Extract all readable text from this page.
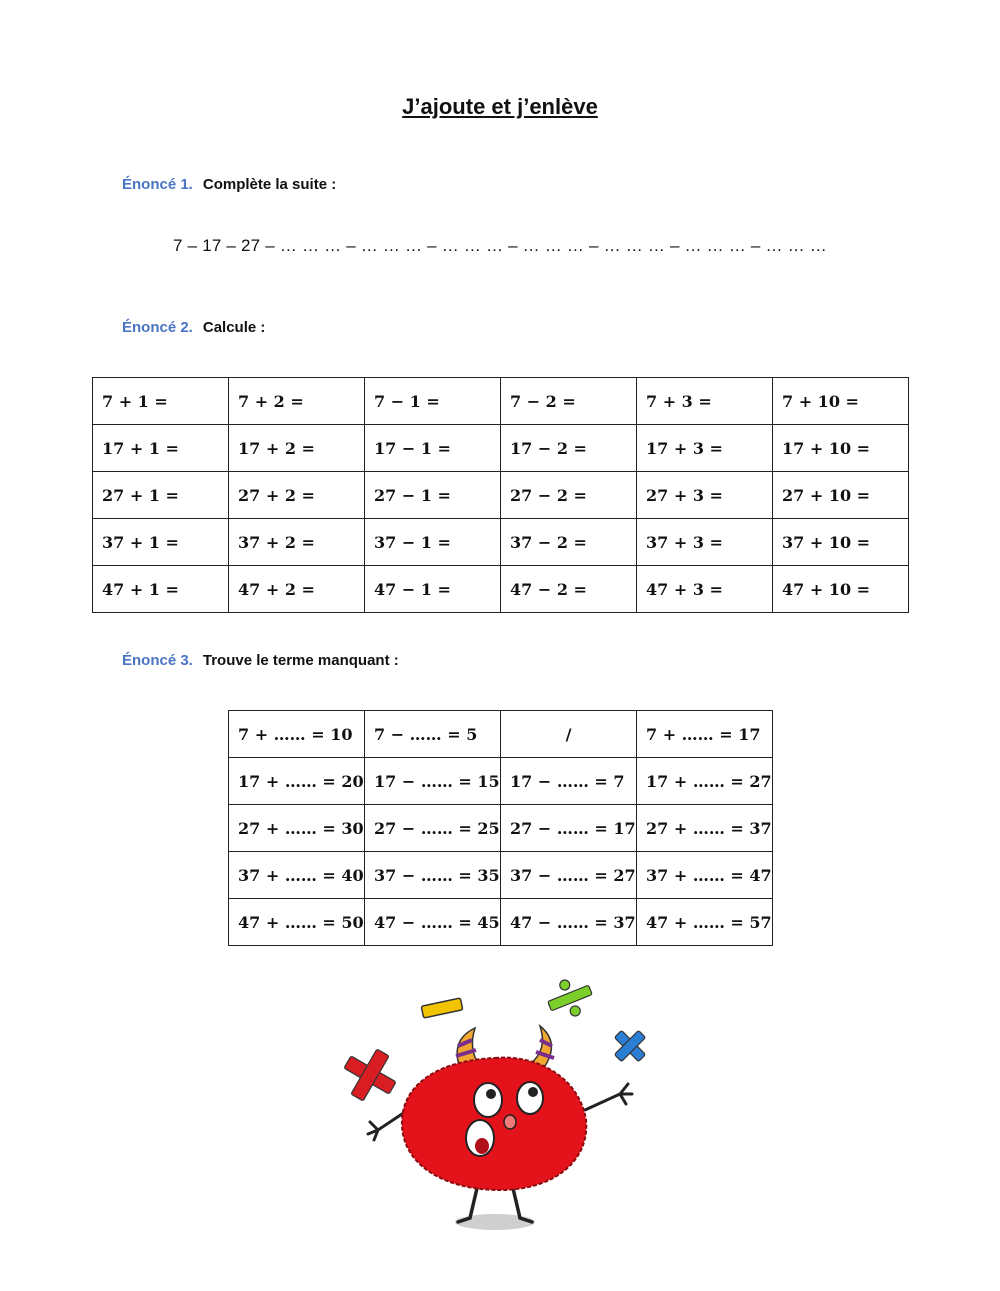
J’ajoute et j’enlève
Énoncé 1. Complète la suite :
7 – 17 – 27 – … … … – … … … – … … … – … … … – … … … – … … … – … … …
Énoncé 2. Calcule :
7 + 1 =	7 + 2 =	7 − 1 =	7 − 2 =	7 + 3 =	7 + 10 =
17 + 1 =	17 + 2 =	17 − 1 =	17 − 2 =	17 + 3 =	17 + 10 =
27 + 1 =	27 + 2 =	27 − 1 =	27 − 2 =	27 + 3 =	27 + 10 =
37 + 1 =	37 + 2 =	37 − 1 =	37 − 2 =	37 + 3 =	37 + 10 =
47 + 1 =	47 + 2 =	47 − 1 =	47 − 2 =	47 + 3 =	47 + 10 =
Énoncé 3. Trouve le terme manquant :
7 + …… = 10	7 − …… = 5	/	7 + …… = 17
17 + …… = 20	17 − …… = 15	17 − …… = 7	17 + …… = 27
27 + …… = 30	27 − …… = 25	27 − …… = 17	27 + …… = 37
37 + …… = 40	37 − …… = 35	37 − …… = 27	37 + …… = 47
47 + …… = 50	47 − …… = 45	47 − …… = 37	47 + …… = 57
